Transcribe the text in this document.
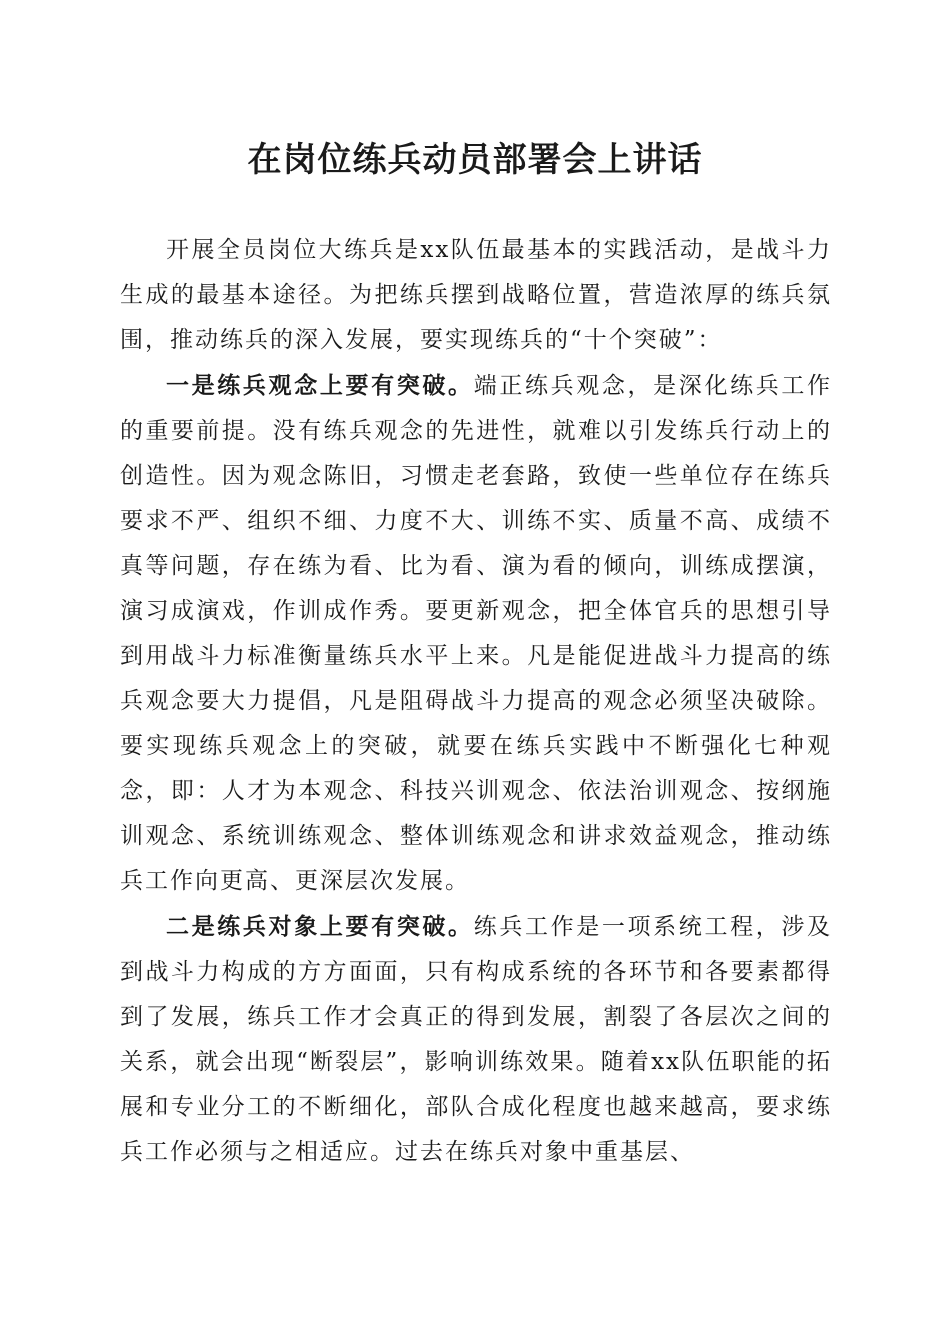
在岗位练兵动员部署会上讲话

开展全员岗位大练兵是xx队伍最基本的实践活动，是战斗力生成的最基本途径。为把练兵摆到战略位置，营造浓厚的练兵氛围，推动练兵的深入发展，要实现练兵的“十个突破”：

一是练兵观念上要有突破。端正练兵观念，是深化练兵工作的重要前提。没有练兵观念的先进性，就难以引发练兵行动上的创造性。因为观念陈旧，习惯走老套路，致使一些单位存在练兵要求不严、组织不细、力度不大、训练不实、质量不高、成绩不真等问题，存在练为看、比为看、演为看的倾向，训练成摆演，演习成演戏，作训成作秀。要更新观念，把全体官兵的思想引导到用战斗力标准衡量练兵水平上来。凡是能促进战斗力提高的练兵观念要大力提倡，凡是阻碍战斗力提高的观念必须坚决破除。要实现练兵观念上的突破，就要在练兵实践中不断强化七种观念，即：人才为本观念、科技兴训观念、依法治训观念、按纲施训观念、系统训练观念、整体训练观念和讲求效益观念，推动练兵工作向更高、更深层次发展。

二是练兵对象上要有突破。练兵工作是一项系统工程，涉及到战斗力构成的方方面面，只有构成系统的各环节和各要素都得到了发展，练兵工作才会真正的得到发展，割裂了各层次之间的关系，就会出现“断裂层”，影响训练效果。随着xx队伍职能的拓展和专业分工的不断细化，部队合成化程度也越来越高，要求练兵工作必须与之相适应。过去在练兵对象中重基层、
